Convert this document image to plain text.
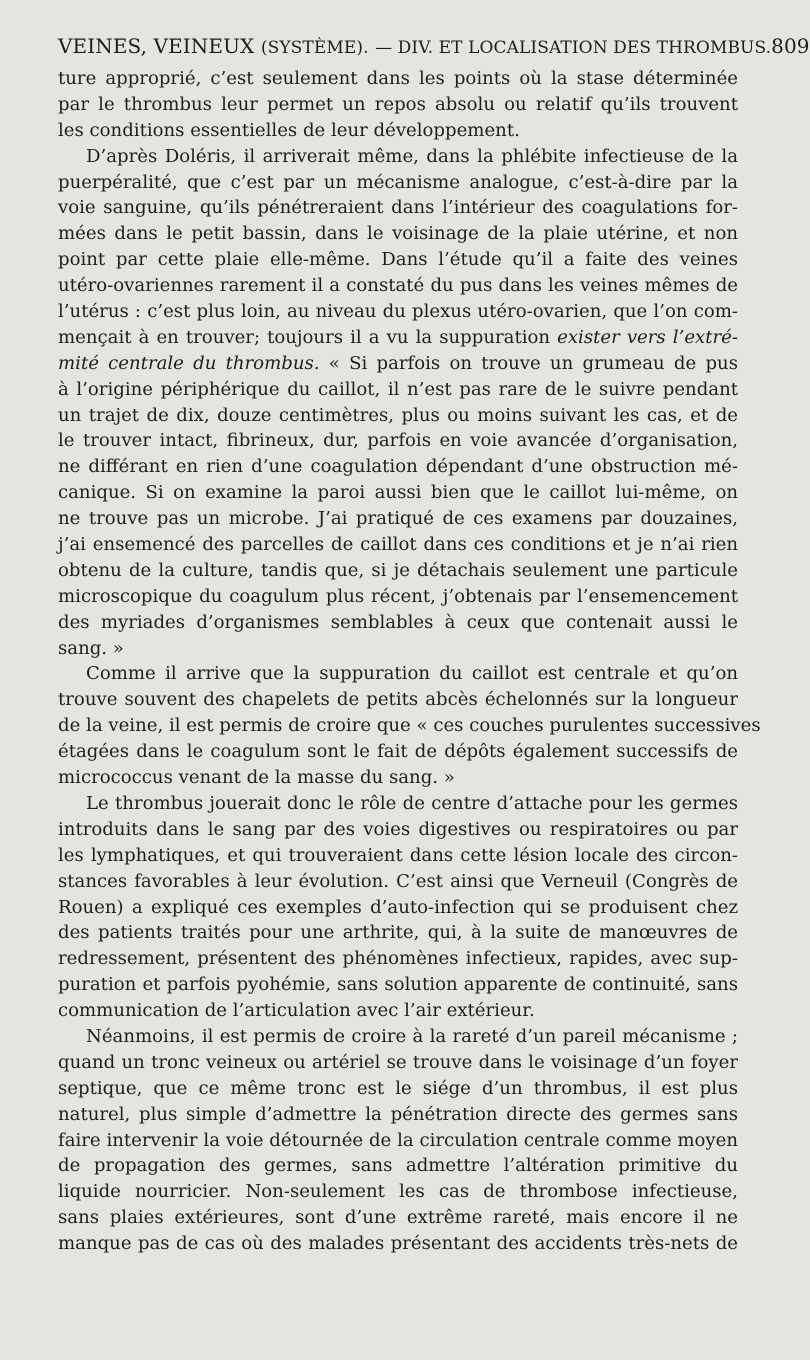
VEINES, VEINEUX (SYSTÈME). — DIV. ET LOCALISATION DES THROMBUS. 809
ture approprié, c’est seulement dans les points où la stase déterminée
par le thrombus leur permet un repos absolu ou relatif qu’ils trouvent
les conditions essentielles de leur développement.
D’après Doléris, il arriverait même, dans la phlébite infectieuse de la
puerpéralité, que c’est par un mécanisme analogue, c’est-à-dire par la
voie sanguine, qu’ils pénétreraient dans l’intérieur des coagulations for-
mées dans le petit bassin, dans le voisinage de la plaie utérine, et non
point par cette plaie elle-même. Dans l’étude qu’il a faite des veines
utéro-ovariennes rarement il a constaté du pus dans les veines mêmes de
l’utérus : c’est plus loin, au niveau du plexus utéro-ovarien, que l’on com-
mençait à en trouver; toujours il a vu la suppuration exister vers l’extré-
mité centrale du thrombus. « Si parfois on trouve un grumeau de pus
à l’origine périphérique du caillot, il n’est pas rare de le suivre pendant
un trajet de dix, douze centimètres, plus ou moins suivant les cas, et de
le trouver intact, fibrineux, dur, parfois en voie avancée d’organisation,
ne différant en rien d’une coagulation dépendant d’une obstruction mé-
canique. Si on examine la paroi aussi bien que le caillot lui-même, on
ne trouve pas un microbe. J’ai pratiqué de ces examens par douzaines,
j’ai ensemencé des parcelles de caillot dans ces conditions et je n’ai rien
obtenu de la culture, tandis que, si je détachais seulement une particule
microscopique du coagulum plus récent, j’obtenais par l’ensemencement
des myriades d’organismes semblables à ceux que contenait aussi le
sang. »
Comme il arrive que la suppuration du caillot est centrale et qu’on
trouve souvent des chapelets de petits abcès échelonnés sur la longueur
de la veine, il est permis de croire que « ces couches purulentes successives
étagées dans le coagulum sont le fait de dépôts également successifs de
micrococcus venant de la masse du sang. »
Le thrombus jouerait donc le rôle de centre d’attache pour les germes
introduits dans le sang par des voies digestives ou respiratoires ou par
les lymphatiques, et qui trouveraient dans cette lésion locale des circon-
stances favorables à leur évolution. C’est ainsi que Verneuil (Congrès de
Rouen) a expliqué ces exemples d’auto-infection qui se produisent chez
des patients traités pour une arthrite, qui, à la suite de manœuvres de
redressement, présentent des phénomènes infectieux, rapides, avec sup-
puration et parfois pyohémie, sans solution apparente de continuité, sans
communication de l’articulation avec l’air extérieur.
Néanmoins, il est permis de croire à la rareté d’un pareil mécanisme ;
quand un tronc veineux ou artériel se trouve dans le voisinage d’un foyer
septique, que ce même tronc est le siége d’un thrombus, il est plus
naturel, plus simple d’admettre la pénétration directe des germes sans
faire intervenir la voie détournée de la circulation centrale comme moyen
de propagation des germes, sans admettre l’altération primitive du
liquide nourricier. Non-seulement les cas de thrombose infectieuse,
sans plaies extérieures, sont d’une extrême rareté, mais encore il ne
manque pas de cas où des malades présentant des accidents très-nets de
